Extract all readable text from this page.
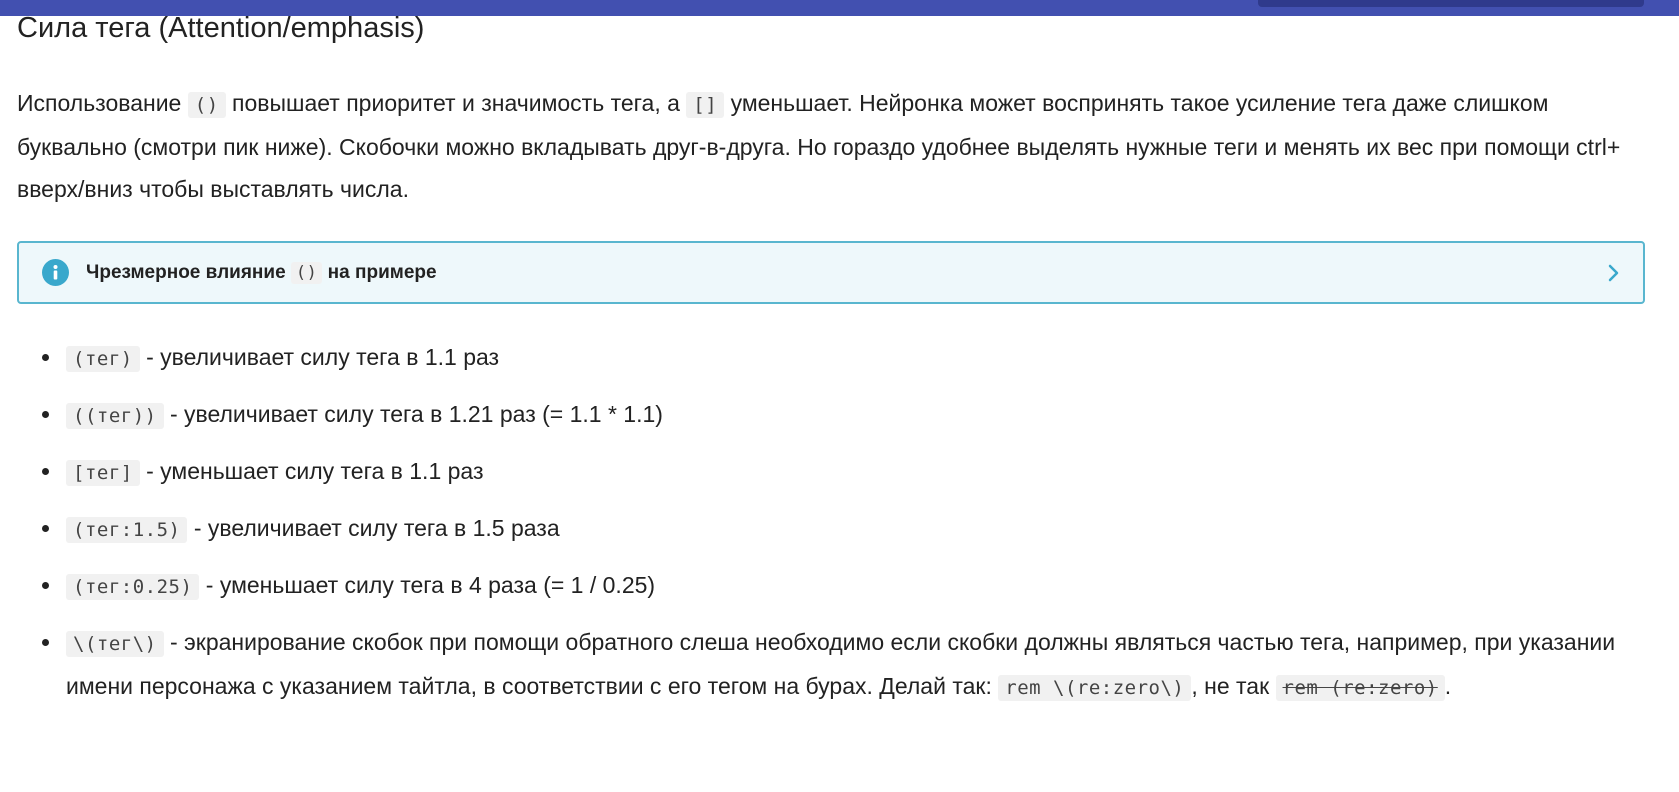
Сила тега (Attention/emphasis)

Использование () повышает приоритет и значимость тега, а [] уменьшает. Нейронка может воспринять такое усиление тега даже слишком буквально (смотри пик ниже). Скобочки можно вкладывать друг-в-друга. Но гораздо удобнее выделять нужные теги и менять их вес при помощи ctrl+ вверх/вниз чтобы выставлять числа.

Чрезмерное влияние () на примере
(тег) - увеличивает силу тега в 1.1 раз
((тег)) - увеличивает силу тега в 1.21 раз (= 1.1 * 1.1)
[тег] - уменьшает силу тега в 1.1 раз
(тег:1.5) - увеличивает силу тега в 1.5 раза
(тег:0.25) - уменьшает силу тега в 4 раза (= 1 / 0.25)
\(тег\) - экранирование скобок при помощи обратного слеша необходимо если скобки должны являться частью тега, например, при указании имени персонажа с указанием тайтла, в соответствии с его тегом на бурах. Делай так: rem \(re:zero\) , не так rem (re:zero) .
